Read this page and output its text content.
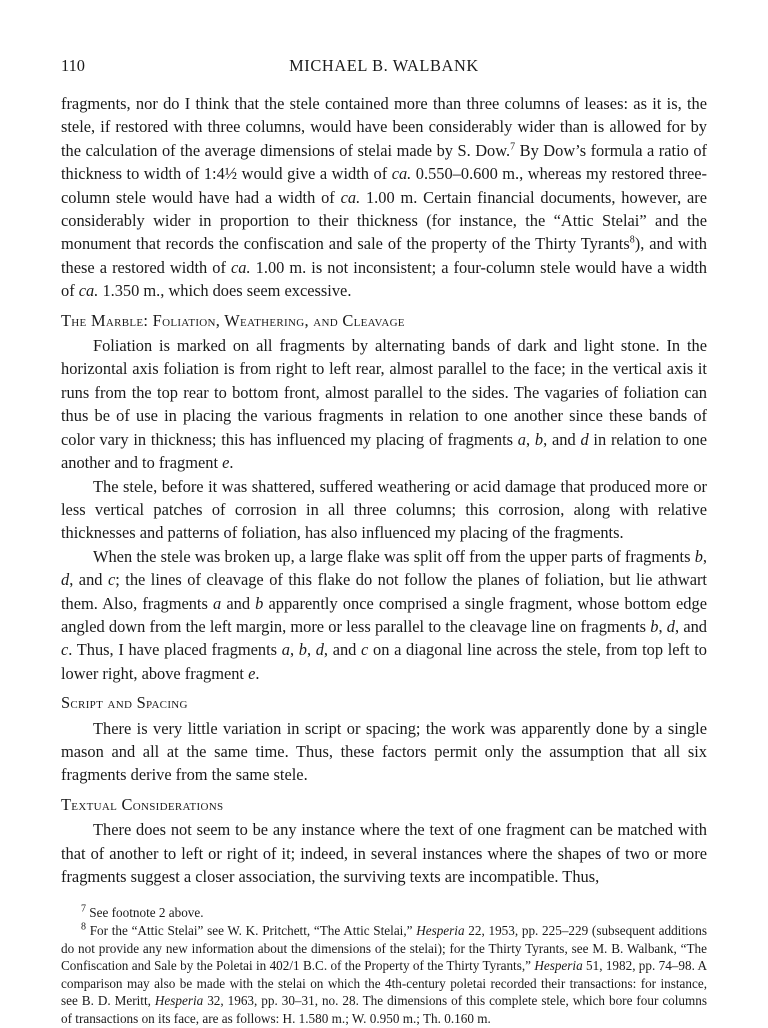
110	MICHAEL B. WALBANK

fragments, nor do I think that the stele contained more than three columns of leases: as it is, the stele, if restored with three columns, would have been considerably wider than is allowed for by the calculation of the average dimensions of stelai made by S. Dow.$^7$ By Dow’s formula a ratio of thickness to width of 1:4½ would give a width of ca. 0.550–0.600 m., whereas my restored three-column stele would have had a width of ca. 1.00 m. Certain financial documents, however, are considerably wider in proportion to their thickness (for instance, the “Attic Stelai” and the monument that records the confiscation and sale of the property of the Thirty Tyrants$^8$), and with these a restored width of ca. 1.00 m. is not inconsistent; a four-column stele would have a width of ca. 1.350 m., which does seem excessive.

The Marble: Foliation, Weathering, and Cleavage

Foliation is marked on all fragments by alternating bands of dark and light stone. In the horizontal axis foliation is from right to left rear, almost parallel to the face; in the vertical axis it runs from the top rear to bottom front, almost parallel to the sides. The vagaries of foliation can thus be of use in placing the various fragments in relation to one another since these bands of color vary in thickness; this has influenced my placing of fragments a, b, and d in relation to one another and to fragment e.

The stele, before it was shattered, suffered weathering or acid damage that produced more or less vertical patches of corrosion in all three columns; this corrosion, along with relative thicknesses and patterns of foliation, has also influenced my placing of the fragments.

When the stele was broken up, a large flake was split off from the upper parts of fragments b, d, and c; the lines of cleavage of this flake do not follow the planes of foliation, but lie athwart them. Also, fragments a and b apparently once comprised a single fragment, whose bottom edge angled down from the left margin, more or less parallel to the cleavage line on fragments b, d, and c. Thus, I have placed fragments a, b, d, and c on a diagonal line across the stele, from top left to lower right, above fragment e.

Script and Spacing

There is very little variation in script or spacing; the work was apparently done by a single mason and all at the same time. Thus, these factors permit only the assumption that all six fragments derive from the same stele.

Textual Considerations

There does not seem to be any instance where the text of one fragment can be matched with that of another to left or right of it; indeed, in several instances where the shapes of two or more fragments suggest a closer association, the surviving texts are incompatible. Thus,

$^7$ See footnote 2 above.

$^8$ For the “Attic Stelai” see W. K. Pritchett, “The Attic Stelai,” Hesperia 22, 1953, pp. 225–229 (subsequent additions do not provide any new information about the dimensions of the stelai); for the Thirty Tyrants, see M. B. Walbank, “The Confiscation and Sale by the Poletai in 402/1 B.C. of the Property of the Thirty Tyrants,” Hesperia 51, 1982, pp. 74–98. A comparison may also be made with the stelai on which the 4th-century poletai recorded their transactions: for instance, see B. D. Meritt, Hesperia 32, 1963, pp. 30–31, no. 28. The dimensions of this complete stele, which bore four columns of transactions on its face, are as follows: H. 1.580 m.; W. 0.950 m.; Th. 0.160 m.
